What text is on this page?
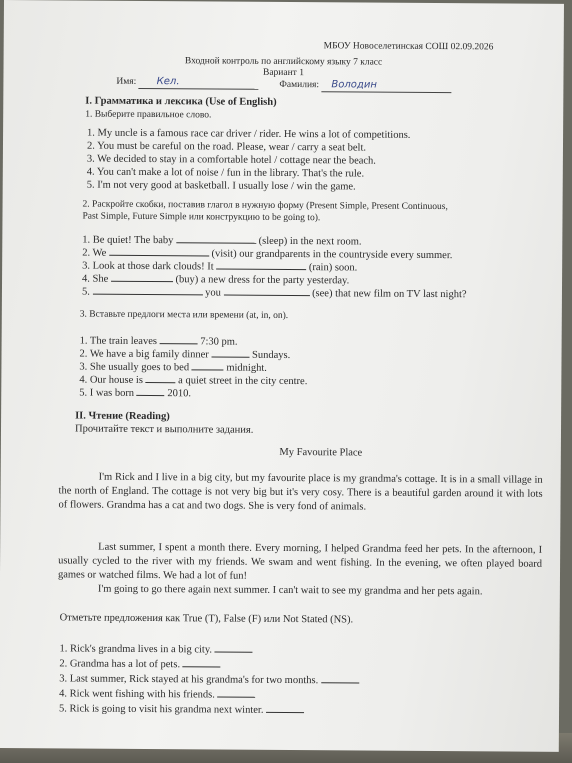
МБОУ Новоселетинская СОШ 02.09.2026
Входной контроль по английскому языку 7 класс
Вариант 1
Имя: Кел.	Фамилия: Володин
I. Грамматика и лексика (Use of English)
1. Выберите правильное слово.
1. My uncle is a famous race car driver / rider. He wins a lot of competitions.
2. You must be careful on the road. Please, wear / carry a seat belt.
3. We decided to stay in a comfortable hotel / cottage near the beach.
4. You can't make a lot of noise / fun in the library. That's the rule.
5. I'm not very good at basketball. I usually lose / win the game.
2. Раскройте скобки, поставив глагол в нужную форму (Present Simple, Present Continuous,
Past Simple, Future Simple или конструкцию to be going to).
1. Be quiet! The baby	(sleep) in the next room.
2. We	(visit) our grandparents in the countryside every summer.
3. Look at those dark clouds! It	(rain) soon.
4. She	(buy) a new dress for the party yesterday.
5.	you	(see) that new film on TV last night?
3. Вставьте предлоги места или времени (at, in, on).
1. The train leaves	7:30 pm.
2. We have a big family dinner	Sundays.
3. She usually goes to bed	midnight.
4. Our house is	a quiet street in the city centre.
5. I was born	2010.
II. Чтение (Reading)
Прочитайте текст и выполните задания.
My Favourite Place
I'm Rick and I live in a big city, but my favourite place is my grandma's cottage. It is in a small village in the north of England. The cottage is not very big but it's very cosy. There is a beautiful garden around it with lots of flowers. Grandma has a cat and two dogs. She is very fond of animals.
Last summer, I spent a month there. Every morning, I helped Grandma feed her pets. In the afternoon, I usually cycled to the river with my friends. We swam and went fishing. In the evening, we often played board games or watched films. We had a lot of fun!
I'm going to go there again next summer. I can't wait to see my grandma and her pets again.
Отметьте предложения как True (T), False (F) или Not Stated (NS).
1. Rick's grandma lives in a big city.
2. Grandma has a lot of pets.
3. Last summer, Rick stayed at his grandma's for two months.
4. Rick went fishing with his friends.
5. Rick is going to visit his grandma next winter.
